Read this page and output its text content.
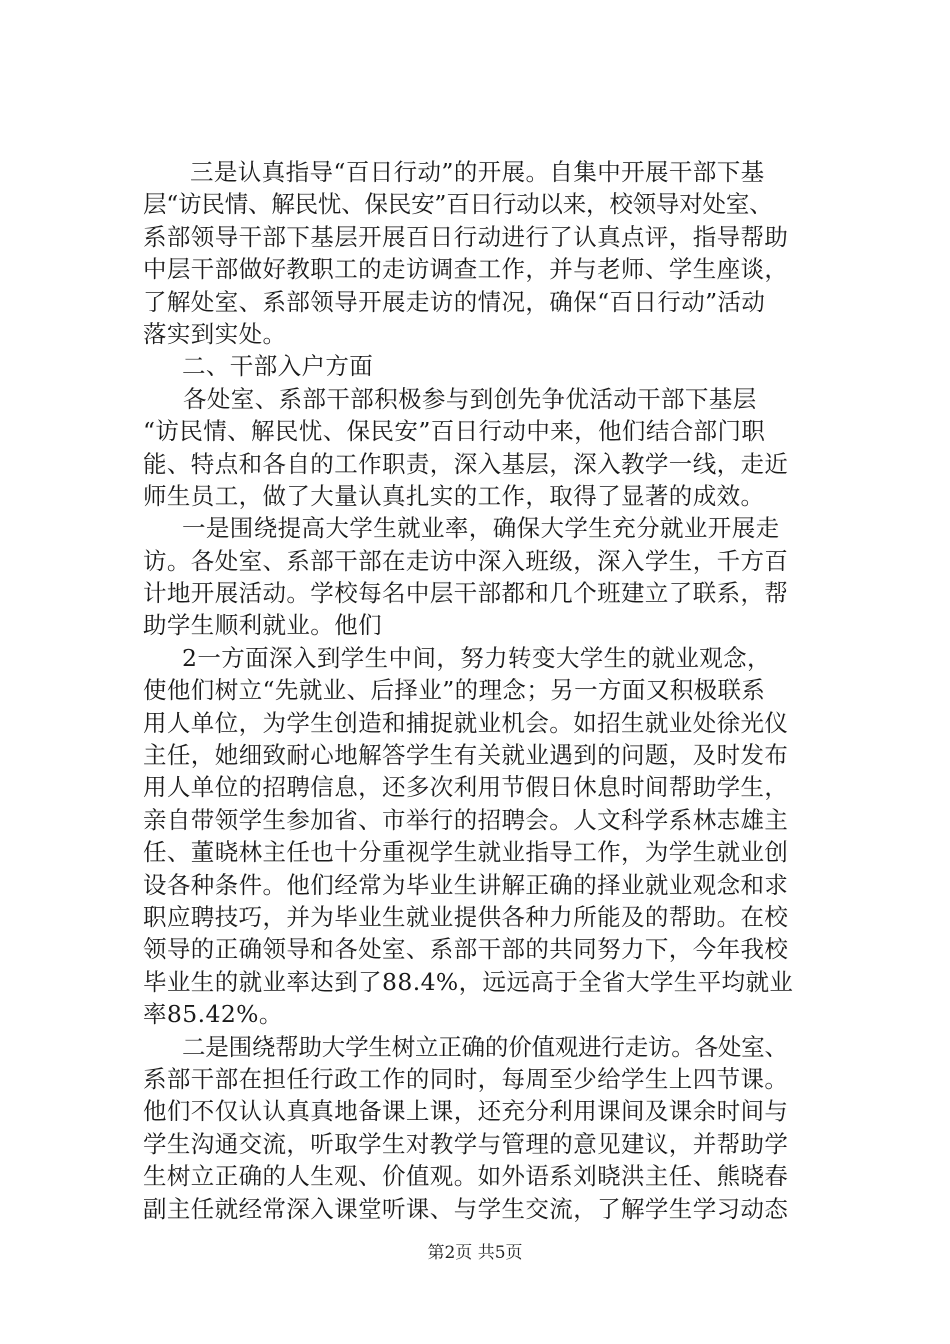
三是认真指导“百日行动”的开展。自集中开展干部下基
层“访民情、解民忧、保民安”百日行动以来，校领导对处室、
系部领导干部下基层开展百日行动进行了认真点评，指导帮助
中层干部做好教职工的走访调查工作，并与老师、学生座谈，
了解处室、系部领导开展走访的情况，确保“百日行动”活动
落实到实处。
二、干部入户方面
各处室、系部干部积极参与到创先争优活动干部下基层
“访民情、解民忧、保民安”百日行动中来，他们结合部门职
能、特点和各自的工作职责，深入基层，深入教学一线，走近
师生员工，做了大量认真扎实的工作，取得了显著的成效。
一是围绕提高大学生就业率，确保大学生充分就业开展走
访。各处室、系部干部在走访中深入班级，深入学生，千方百
计地开展活动。学校每名中层干部都和几个班建立了联系，帮
助学生顺利就业。他们
2一方面深入到学生中间，努力转变大学生的就业观念，
使他们树立“先就业、后择业”的理念；另一方面又积极联系
用人单位，为学生创造和捕捉就业机会。如招生就业处徐光仪
主任，她细致耐心地解答学生有关就业遇到的问题，及时发布
用人单位的招聘信息，还多次利用节假日休息时间帮助学生，
亲自带领学生参加省、市举行的招聘会。人文科学系林志雄主
任、董晓林主任也十分重视学生就业指导工作，为学生就业创
设各种条件。他们经常为毕业生讲解正确的择业就业观念和求
职应聘技巧，并为毕业生就业提供各种力所能及的帮助。在校
领导的正确领导和各处室、系部干部的共同努力下，今年我校
毕业生的就业率达到了88.4%，远远高于全省大学生平均就业
率85.42%。
二是围绕帮助大学生树立正确的价值观进行走访。各处室、
系部干部在担任行政工作的同时，每周至少给学生上四节课。
他们不仅认认真真地备课上课，还充分利用课间及课余时间与
学生沟通交流，听取学生对教学与管理的意见建议，并帮助学
生树立正确的人生观、价值观。如外语系刘晓洪主任、熊晓春
副主任就经常深入课堂听课、与学生交流，了解学生学习动态
第2页 共5页
